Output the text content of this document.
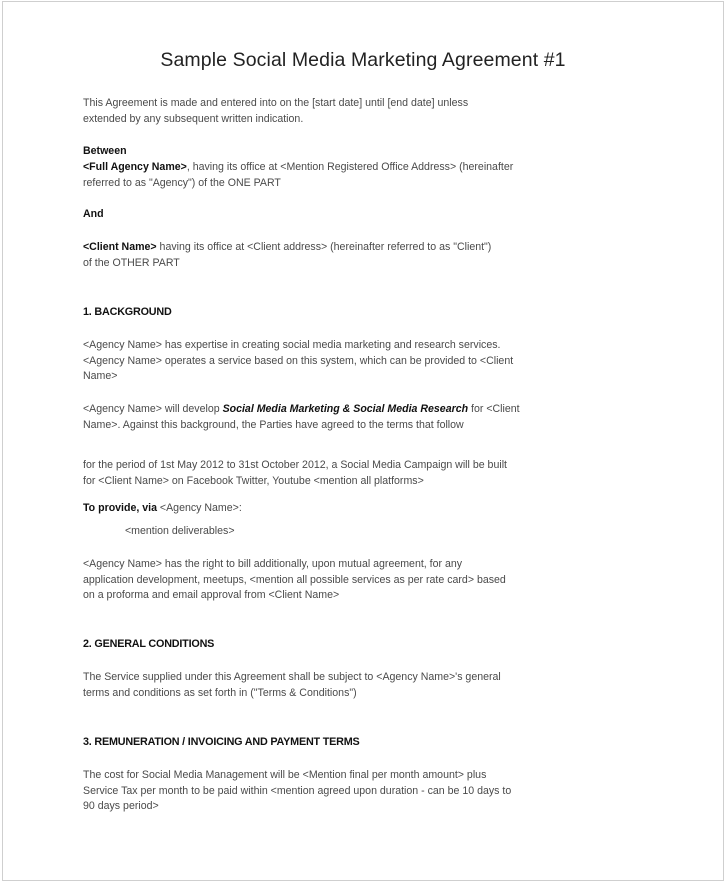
Sample Social Media Marketing Agreement #1

This Agreement is made and entered into on the [start date] until [end date] unless
extended by any subsequent written indication.

Between

<Full Agency Name>, having its office at <Mention Registered Office Address> (hereinafter
referred to as "Agency") of the ONE PART

And

<Client Name> having its office at <Client address> (hereinafter referred to as "Client")
of the OTHER PART

1. BACKGROUND

<Agency Name> has expertise in creating social media marketing and research services.
<Agency Name> operates a service based on this system, which can be provided to <Client
Name>

<Agency Name> will develop Social Media Marketing & Social Media Research for <Client
Name>. Against this background, the Parties have agreed to the terms that follow

for the period of 1st May 2012 to 31st October 2012, a Social Media Campaign will be built
for <Client Name> on Facebook Twitter, Youtube <mention all platforms>

To provide, via <Agency Name>:

<mention deliverables>

<Agency Name> has the right to bill additionally, upon mutual agreement, for any
application development, meetups, <mention all possible services as per rate card> based
on a proforma and email approval from <Client Name>

2. GENERAL CONDITIONS

The Service supplied under this Agreement shall be subject to <Agency Name>'s general
terms and conditions as set forth in ("Terms & Conditions")

3. REMUNERATION / INVOICING AND PAYMENT TERMS

The cost for Social Media Management will be <Mention final per month amount> plus
Service Tax per month to be paid within <mention agreed upon duration - can be 10 days to
90 days period>
